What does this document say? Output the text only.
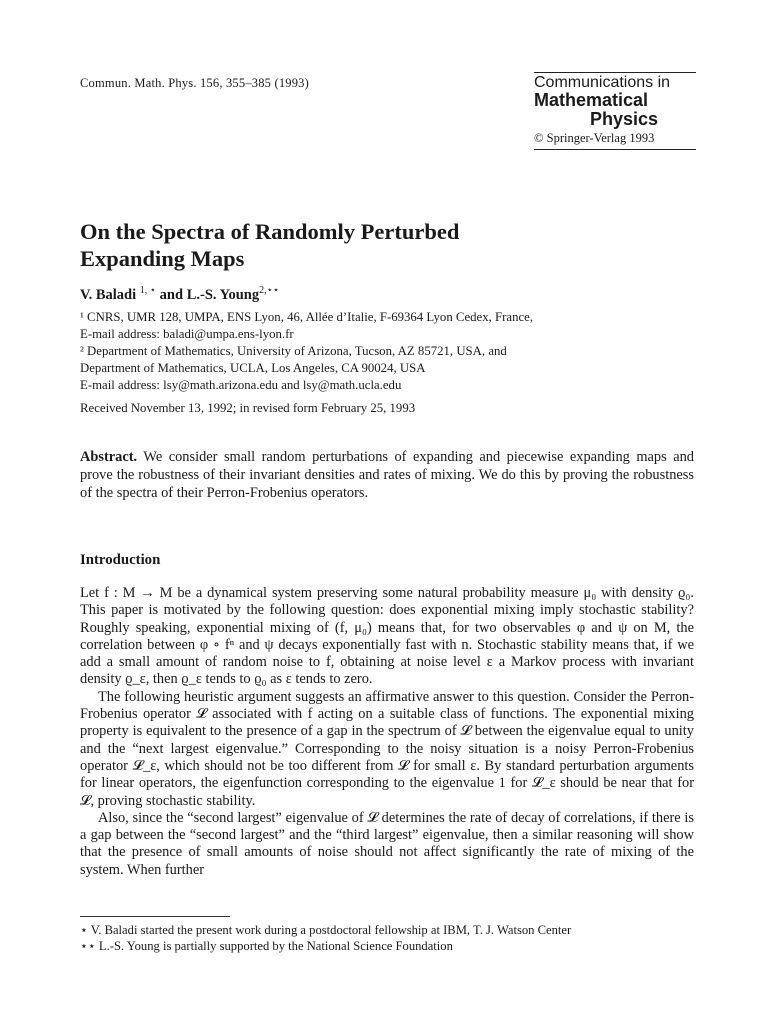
Commun. Math. Phys. 156, 355–385 (1993)	Communications in
Mathematical
Physics
© Springer-Verlag 1993
On the Spectra of Randomly Perturbed
Expanding Maps
V. Baladi $^{1, ⋆}$ and L.-S. Young$^{2,⋆⋆}$
¹ CNRS, UMR 128, UMPA, ENS Lyon, 46, Allée d’Italie, F-69364 Lyon Cedex, France,
E-mail address: baladi@umpa.ens-lyon.fr
² Department of Mathematics, University of Arizona, Tucson, AZ 85721, USA, and
Department of Mathematics, UCLA, Los Angeles, CA 90024, USA
E-mail address: lsy@math.arizona.edu and lsy@math.ucla.edu
Received November 13, 1992; in revised form February 25, 1993
Abstract. We consider small random perturbations of expanding and piecewise expanding maps and prove the robustness of their invariant densities and rates of mixing. We do this by proving the robustness of the spectra of their Perron-Frobenius operators.
Introduction

Let f : M → M be a dynamical system preserving some natural probability measure μ₀ with density ϱ₀. This paper is motivated by the following question: does exponential mixing imply stochastic stability? Roughly speaking, exponential mixing of (f, μ₀) means that, for two observables φ and ψ on M, the correlation between φ ∘ fⁿ and ψ decays exponentially fast with n. Stochastic stability means that, if we add a small amount of random noise to f, obtaining at noise level ε a Markov process with invariant density ϱ_ε, then ϱ_ε tends to ϱ₀ as ε tends to zero.

The following heuristic argument suggests an affirmative answer to this question. Consider the Perron-Frobenius operator 𝓛 associated with f acting on a suitable class of functions. The exponential mixing property is equivalent to the presence of a gap in the spectrum of 𝓛 between the eigenvalue equal to unity and the “next largest eigenvalue.” Corresponding to the noisy situation is a noisy Perron-Frobenius operator 𝓛_ε, which should not be too different from 𝓛 for small ε. By standard perturbation arguments for linear operators, the eigenfunction corresponding to the eigenvalue 1 for 𝓛_ε should be near that for 𝓛, proving stochastic stability.

Also, since the “second largest” eigenvalue of 𝓛 determines the rate of decay of correlations, if there is a gap between the “second largest” and the “third largest” eigenvalue, then a similar reasoning will show that the presence of small amounts of noise should not affect significantly the rate of mixing of the system. When further

⋆ V. Baladi started the present work during a postdoctoral fellowship at IBM, T. J. Watson Center
⋆⋆ L.-S. Young is partially supported by the National Science Foundation
